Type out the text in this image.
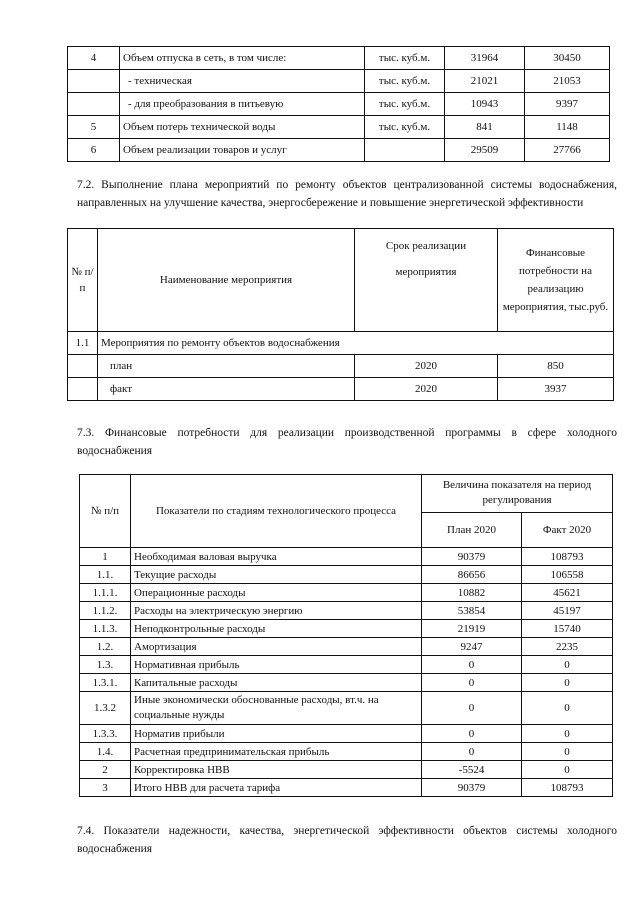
4	Объем отпуска в сеть, в том числе:	тыс. куб.м.	31964	30450
	- техническая	тыс. куб.м.	21021	21053
	- для преобразования в питьевую	тыс. куб.м.	10943	9397
5	Объем потерь технической воды	тыс. куб.м.	841	1148
6	Объем реализации товаров и услуг		29509	27766

7.2. Выполнение плана мероприятий по ремонту объектов централизованной системы водоснабжения, направленных на улучшение качества, энергосбережение и повышение энергетической эффективности

№ п/п	Наименование мероприятия	Срок реализации мероприятия	Финансовые потребности на реализацию мероприятия, тыс.руб.
1.1	Мероприятия по ремонту объектов водоснабжения		
	план	2020	850
	факт	2020	3937

7.3. Финансовые потребности для реализации производственной программы в сфере холодного водоснабжения

№ п/п	Показатели по стадиям технологического процесса	Величина показателя на период регулирования	
		План 2020	Факт 2020
1	Необходимая валовая выручка	90379	108793
1.1.	Текущие расходы	86656	106558
1.1.1.	Операционные расходы	10882	45621
1.1.2.	Расходы на электрическую энергию	53854	45197
1.1.3.	Неподконтрольные расходы	21919	15740
1.2.	Амортизация	9247	2235
1.3.	Нормативная прибыль	0	0
1.3.1.	Капитальные расходы	0	0
1.3.2	Иные экономически обоснованные расходы, вт.ч. на социальные нужды	0	0
1.3.3.	Норматив прибыли	0	0
1.4.	Расчетная предпринимательская прибыль	0	0
2	Корректировка НВВ	-5524	0
3	Итого НВВ для расчета тарифа	90379	108793

7.4. Показатели надежности, качества, энергетической эффективности объектов системы холодного водоснабжения
